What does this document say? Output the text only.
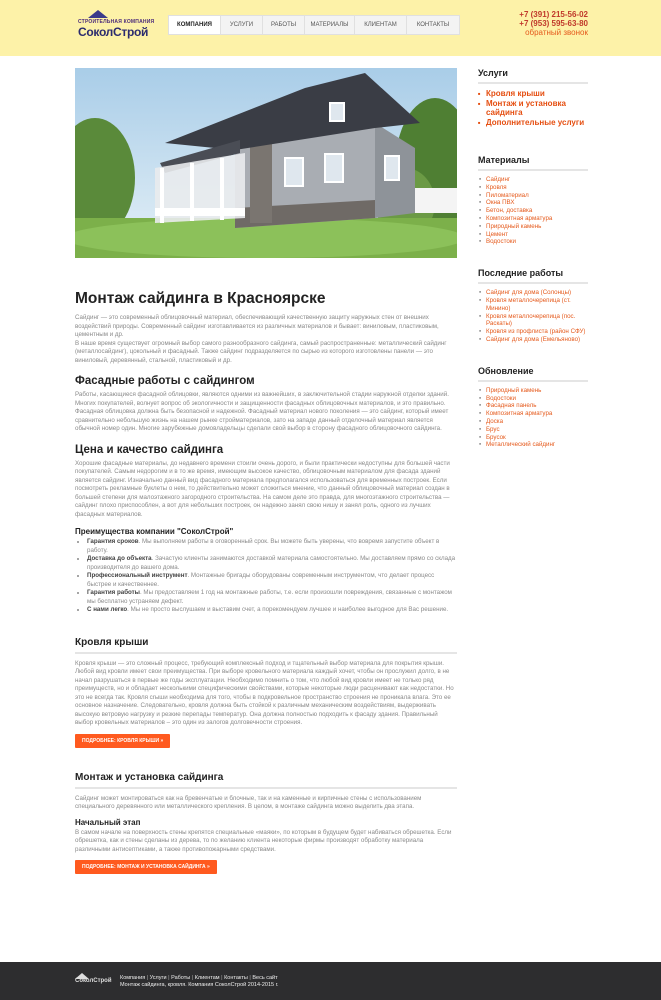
СТРОИТЕЛЬНАЯ КОМПАНИЯ
СоколСтрой	КОМПАНИЯ	УСЛУГИ	РАБОТЫ	МАТЕРИАЛЫ	КЛИЕНТАМ	КОНТАКТЫ
+7 (391) 215-56-02
+7 (953) 595-63-80
обратный звонок
Монтаж сайдинга в Красноярске

Сайдинг — это современный облицовочный материал, обеспечивающий качественную защиту наружных стен от внешних воздействий природы. Современный сайдинг изготавливается из различных материалов и бывает: виниловым, пластиковым, цементным и др.

В наше время существует огромный выбор самого разнообразного сайдинга, самый распространенные: металлический сайдинг (металлосайдинг), цокольный и фасадный. Также сайдинг подразделяется по сырью из которого изготовлены панели — это виниловый, деревянный, стальной, пластиковый и др.

Фасадные работы с сайдингом

Работы, касающиеся фасадной облицовки, являются одними из важнейших, в заключительной стадии наружной отделки зданий. Многих покупателей, волнует вопрос об экологичности и защищенности фасадных облицовочных материалов, и это правильно. Фасадная облицовка должна быть безопасной и надежной. Фасадный материал нового поколения — это сайдинг, который имеет сравнительно небольшую жизнь на нашем рынке стройматериалов, зато на западе данный отделочный материал является обычной номер один. Многие зарубежные домовладельцы сделали свой выбор в сторону фасадного облицовочного сайдинга.

Цена и качество сайдинга

Хорошие фасадные материалы, до недавнего времени стоили очень дорого, и были практически недоступны для большей части покупателей. Самым недорогим и в то же время, имеющим высокое качество, облицовочным материалом для фасада зданий является сайдинг. Изначально данный вид фасадного материала предполагался использоваться для временных построек. Если посмотреть рекламные буклеты о нем, то действительно может сложиться мнение, что данный облицовочный материал создан в большей степени для малоэтажного загородного строительства. На самом деле это правда, для многоэтажного строительства — сайдинг плохо приспособлен, а вот для небольших построек, он надежно занял свою нишу и занял роль, одного из лучших фасадных материалов.

Преимущества компании "СоколСтрой"
• Гарантия сроков. Мы выполняем работы в оговоренный срок. Вы можете быть уверены, что вовремя запустите объект в работу.
• Доставка до объекта. Зачастую клиенты занимаются доставкой материала самостоятельно. Мы доставляем прямо со склада производителя до вашего дома.
• Профессиональный инструмент. Монтажные бригады оборудованы современным инструментом, что делает процесс быстрее и качественнее.
• Гарантия работы. Мы предоставляем 1 год на монтажные работы, т.е. если произошли повреждения, связанные с монтажом мы бесплатно устраняем дефект.
• С нами легко. Мы не просто выслушаем и выставим счет, а порекомендуем лучшее и наиболее выгодное для Вас решение.
Кровля крыши

Кровля крыши — это сложный процесс, требующий комплексный подход и тщательный выбор материала для покрытия крыши. Любой вид кровли имеет свои преимущества. При выборе кровельного материала каждый хочет, чтобы он прослужил долго, в не начал разрушаться в первые же годы эксплуатации. Необходимо помнить о том, что любой вид кровли имеет не только ряд преимуществ, но и обладает несколькими специфическими свойствами, которые некоторые люди расценивают как недостатки. Но это не всегда так. Кровля crыши необходима для того, чтобы в подкровельное пространство строения не проникала влага. Это ее основное назначение. Следовательно, кровля должна быть стойкой к различным механическим воздействиям, выдерживать высокую ветровую нагрузку и резкие перепады температур. Она должна полностью подходить к фасаду здания. Правильный выбор кровельных материалов – это один из залогов долговечности строения.

ПОДРОБНЕЕ: КРОВЛЯ КРЫШИ »
Монтаж и установка сайдинга

Сайдинг может монтироваться как на бревенчатые и блочные, так и на каменные и кирпичные стены с использованием специального деревянного или металлического крепления. В целом, в монтаже сайдинга можно выделить два этапа.

Начальный этап

В самом начале на поверхность стены крепятся специальные «маяки», по которым в будущем будет набиваться обрешетка. Если обрешетка, как и стены сделаны из дерева, то по желанию клиента некоторые фирмы производят обработку материала различными антисептиками, а также противопожарными средствами.

ПОДРОБНЕЕ: МОНТАЖ И УСТАНОВКА САЙДИНГА »
Услуги
■ Кровля крыши
■ Монтаж и установка сайдинга
■ Дополнительные услуги
Материалы
■ Сайдинг
■ Кровля
■ Пиломатериал
■ Окна ПВХ
■ Бетон, доставка
■ Композитная арматура
■ Природный камень
■ Цемент
■ Водостоки
Последние работы
■ Сайдинг для дома (Солонцы)
■ Кровля металлочерепица (ст. Минино)
■ Кровля металлочерепица (пос. Раскаты)
■ Кровля из профлиста (район СФУ)
■ Сайдинг для дома (Емельяново)
Обновление
■ Природный камень
■ Водостоки
■ Фасадная панель
■ Композитная арматура
■ Доска
■ Брус
■ Брусок
■ Металлический сайдинг
СоколСтрой Компания | Услуги | Работы | Клиентам | Контакты | Весь сайт
Монтаж сайдинга, кровля. Компания СоколСтрой 2014-2015 г.
